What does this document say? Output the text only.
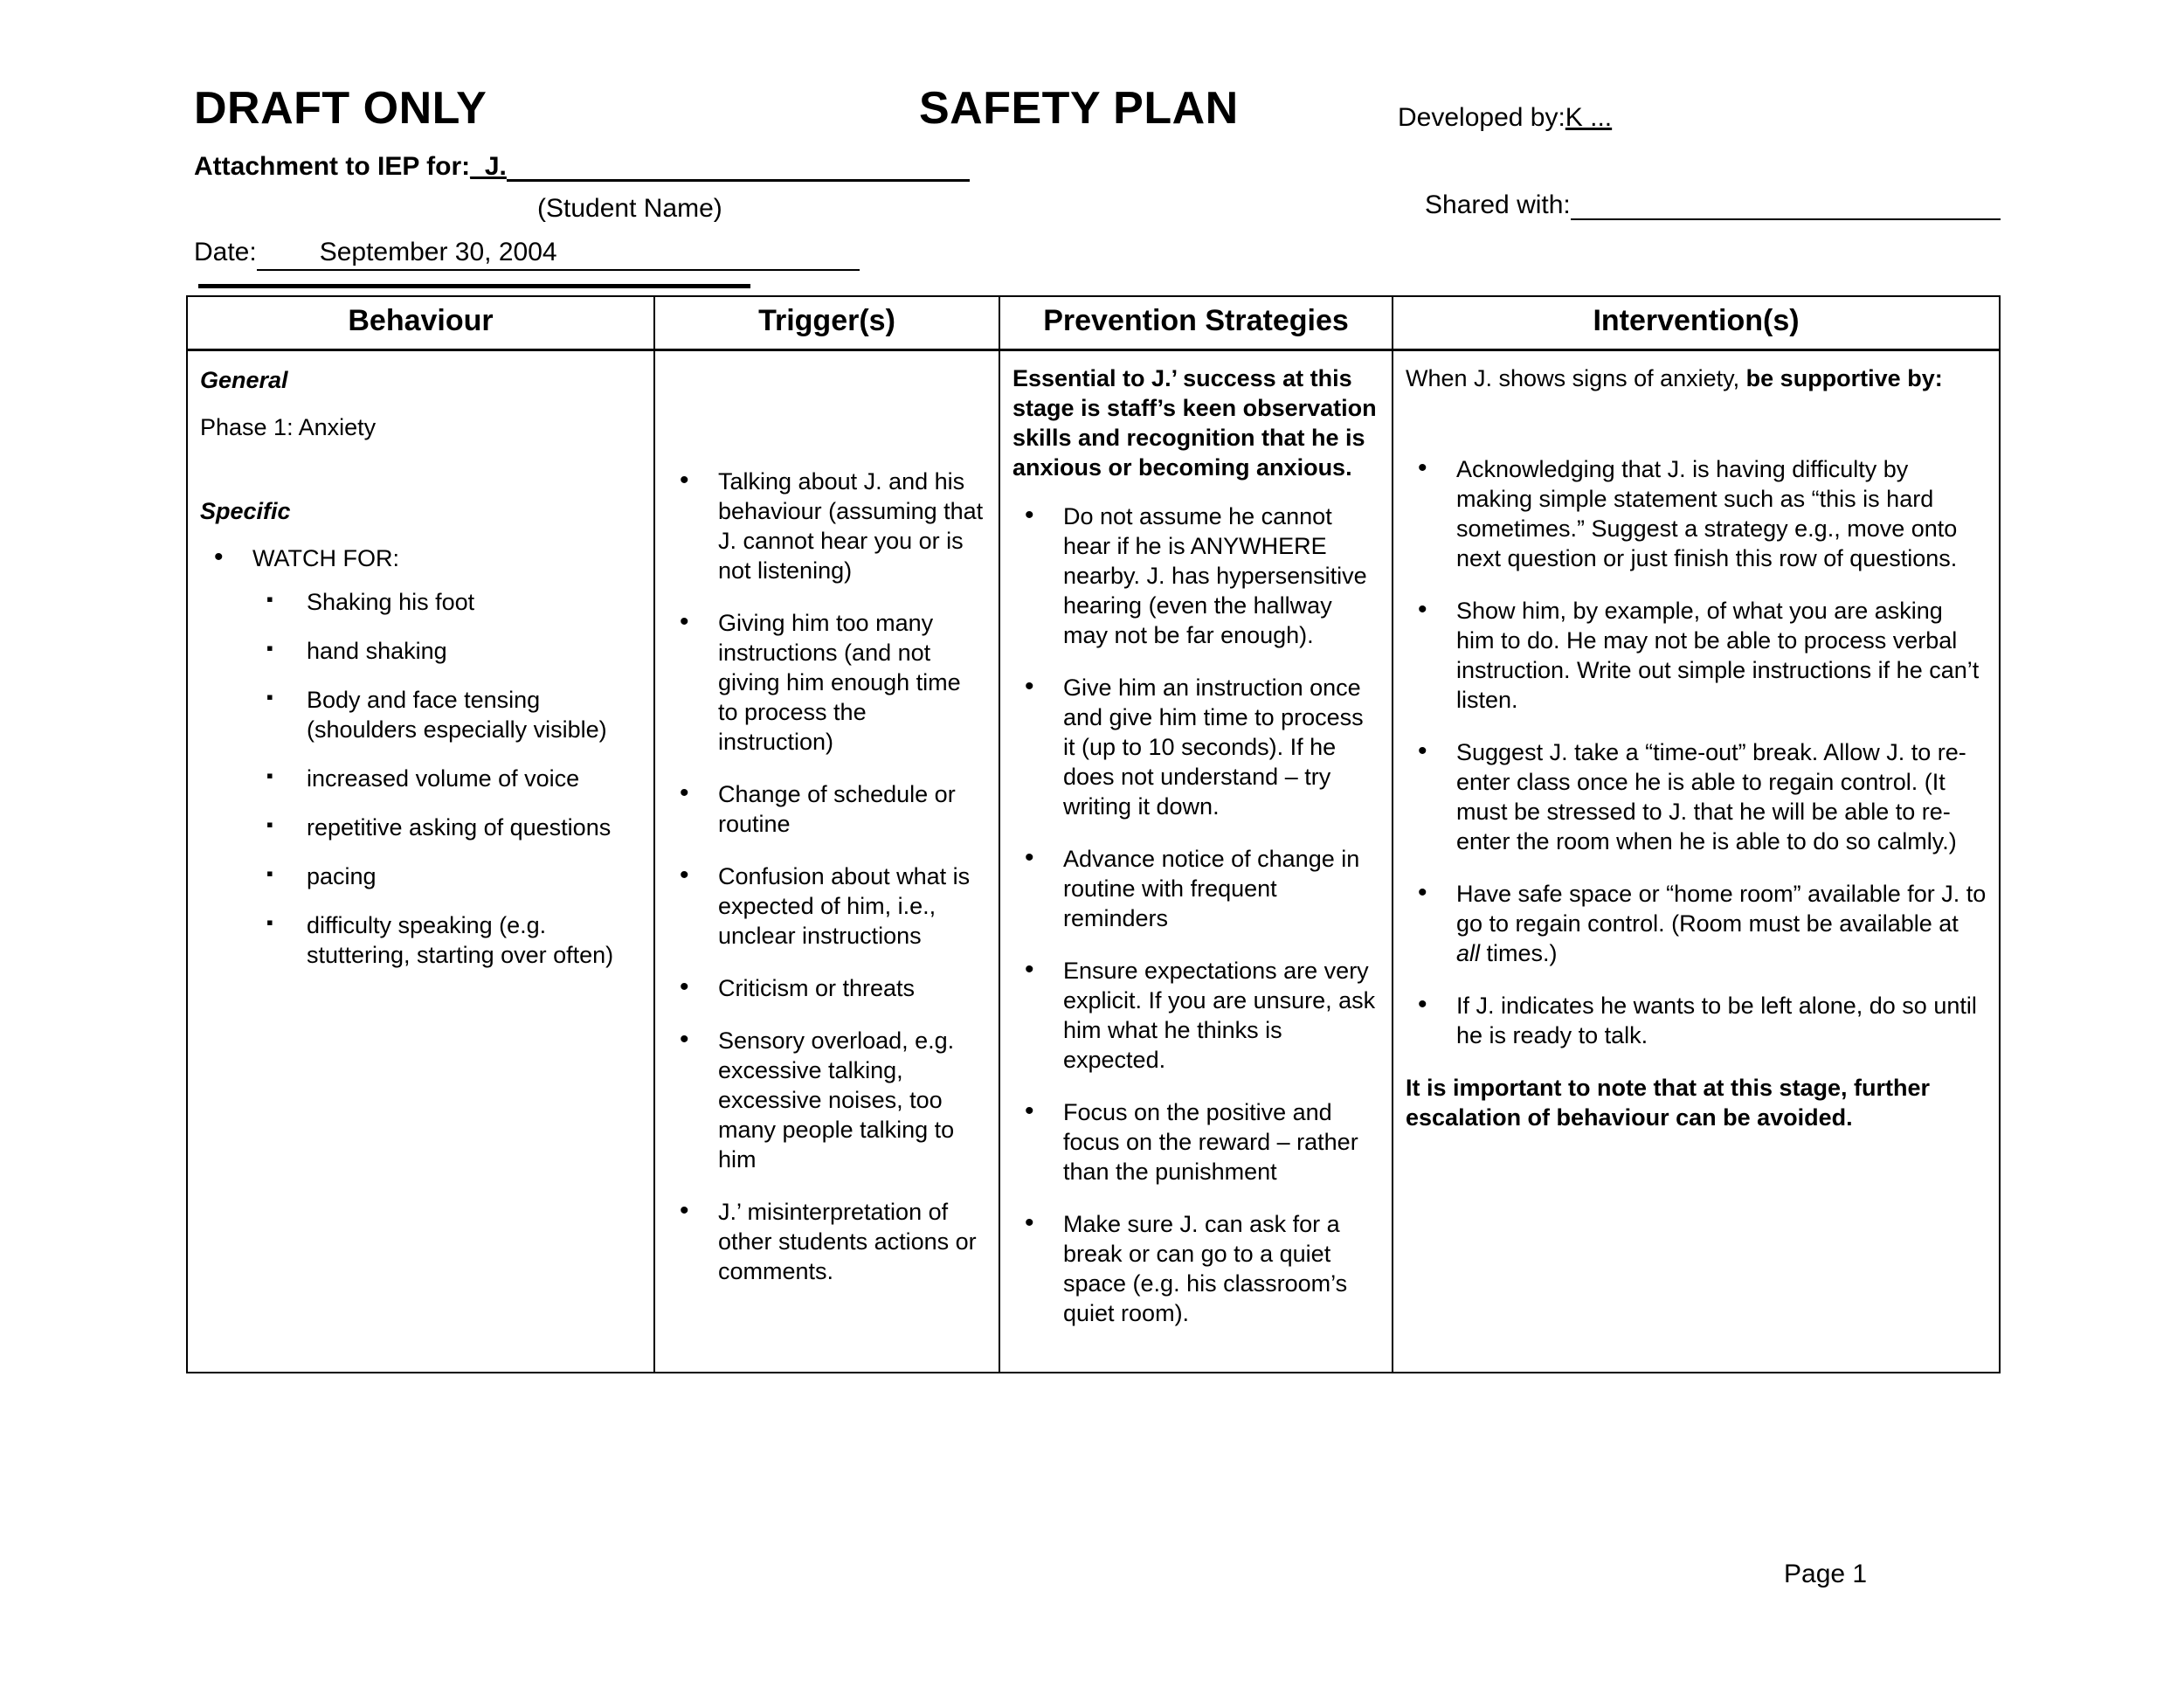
DRAFT ONLY	SAFETY PLAN	Developed by:K ...
Attachment to IEP for:_J.
(Student Name)	Shared with:
Date: September 30, 2004
Behaviour	Trigger(s)	Prevention Strategies	Intervention(s)

General
Phase 1: Anxiety
Specific
• WATCH FOR:
▪ Shaking his foot
▪ hand shaking
▪ Body and face tensing (shoulders especially visible)
▪ increased volume of voice
▪ repetitive asking of questions
▪ pacing
▪ difficulty speaking (e.g. stuttering, starting over often)

• Talking about J. and his behaviour (assuming that J. cannot hear you or is not listening)
• Giving him too many instructions (and not giving him enough time to process the instruction)
• Change of schedule or routine
• Confusion about what is expected of him, i.e., unclear instructions
• Criticism or threats
• Sensory overload, e.g. excessive talking, excessive noises, too many people talking to him
• J.’ misinterpretation of other students actions or comments.

Essential to J.’ success at this stage is staff’s keen observation skills and recognition that he is anxious or becoming anxious.
• Do not assume he cannot hear if he is ANYWHERE nearby. J. has hypersensitive hearing (even the hallway may not be far enough).
• Give him an instruction once and give him time to process it (up to 10 seconds). If he does not understand – try writing it down.
• Advance notice of change in routine with frequent reminders
• Ensure expectations are very explicit. If you are unsure, ask him what he thinks is expected.
• Focus on the positive and focus on the reward – rather than the punishment
• Make sure J. can ask for a break or can go to a quiet space (e.g. his classroom’s quiet room).

When J. shows signs of anxiety, be supportive by:
• Acknowledging that J. is having difficulty by making simple statement such as “this is hard sometimes.” Suggest a strategy e.g., move onto next question or just finish this row of questions.
• Show him, by example, of what you are asking him to do. He may not be able to process verbal instruction. Write out simple instructions if he can’t listen.
• Suggest J. take a “time-out” break. Allow J. to re-enter class once he is able to regain control. (It must be stressed to J. that he will be able to re-enter the room when he is able to do so calmly.)
• Have safe space or “home room” available for J. to go to regain control. (Room must be available at all times.)
• If J. indicates he wants to be left alone, do so until he is ready to talk.
It is important to note that at this stage, further escalation of behaviour can be avoided.
Page 1
